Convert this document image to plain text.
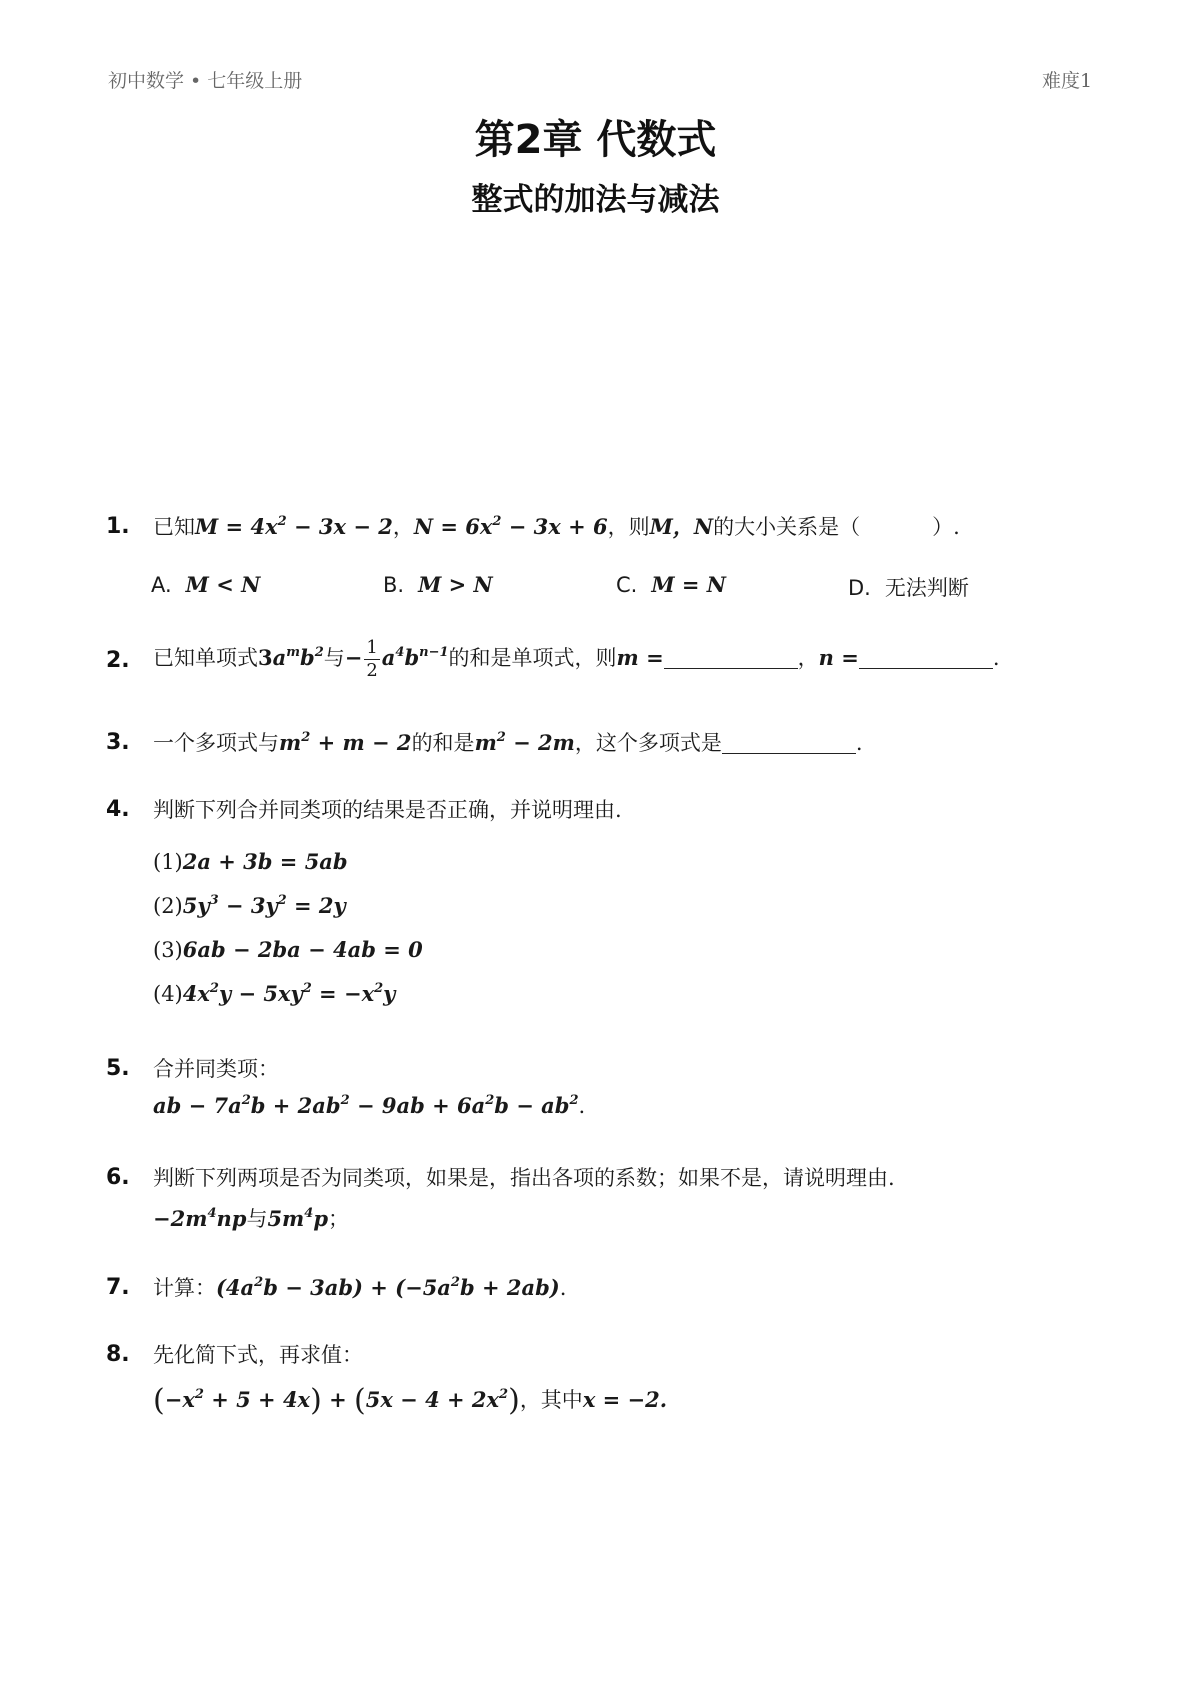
初中数学 • 七年级上册	难度1
第2章 代数式
整式的加法与减法
1.	已知$M = 4x^2 - 3x - 2$，$N = 6x^2 - 3x + 6$，则M，N的大小关系是（	）.
A. M < N	B. M > N	C. M = N	D. 无法判断
2.	已知单项式$3a^mb^2$与− $\frac{1}{2} a^4b^{n-1}$的和是单项式，则m =	，n =	.
3.	一个多项式与$m^2 + m - 2$的和是$m^2 - 2m$，这个多项式是	.
4.	判断下列合并同类项的结果是否正确，并说明理由.
(1)2a + 3b = 5ab
$(2)5y^3 - 3y^2 = 2y$
(3)6ab − 2ba − 4ab = 0
$(4)4x^2y - 5xy^2 = -x^2y$
5.	合并同类项：
ab − $7a^2b + 2ab^2 - 9ab + 6a^2b - ab^2$.
6.	判断下列两项是否为同类项，如果是，指出各项的系数；如果不是，请说明理由.
$-2m^4np$与$5m^4p$；
7.	计算：$(4a^2b - 3ab) + (-5a^2b + 2ab)$.
8.	先化简下式，再求值：
$(-x^2 + 5 + 4x) + (5x - 4 + 2x^2)$，其中x = −2.
